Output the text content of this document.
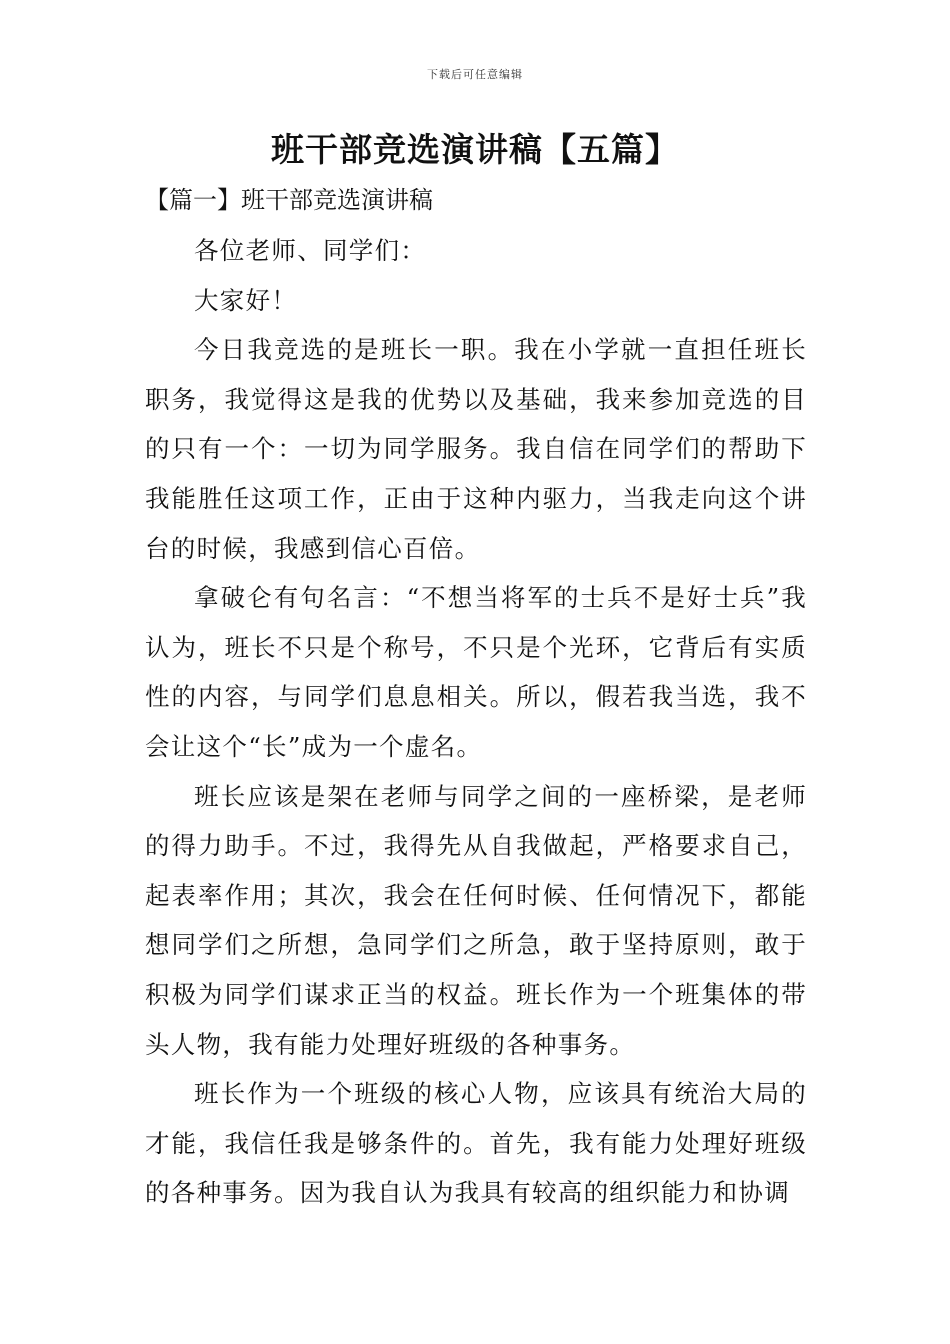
下载后可任意编辑
班干部竞选演讲稿【五篇】
【篇一】班干部竞选演讲稿

各位老师、同学们：

大家好！

今日我竞选的是班长一职。我在小学就一直担任班长职务，我觉得这是我的优势以及基础，我来参加竞选的目的只有一个：一切为同学服务。我自信在同学们的帮助下我能胜任这项工作，正由于这种内驱力，当我走向这个讲台的时候，我感到信心百倍。

拿破仑有句名言：“不想当将军的士兵不是好士兵”我认为，班长不只是个称号，不只是个光环，它背后有实质性的内容，与同学们息息相关。所以，假若我当选，我不会让这个“长”成为一个虚名。

班长应该是架在老师与同学之间的一座桥梁，是老师的得力助手。不过，我得先从自我做起，严格要求自己，起表率作用；其次，我会在任何时候、任何情况下，都能想同学们之所想，急同学们之所急，敢于坚持原则，敢于积极为同学们谋求正当的权益。班长作为一个班集体的带头人物，我有能力处理好班级的各种事务。

班长作为一个班级的核心人物，应该具有统治大局的才能，我信任我是够条件的。首先，我有能力处理好班级的各种事务。因为我自认为我具有较高的组织能力和协调
